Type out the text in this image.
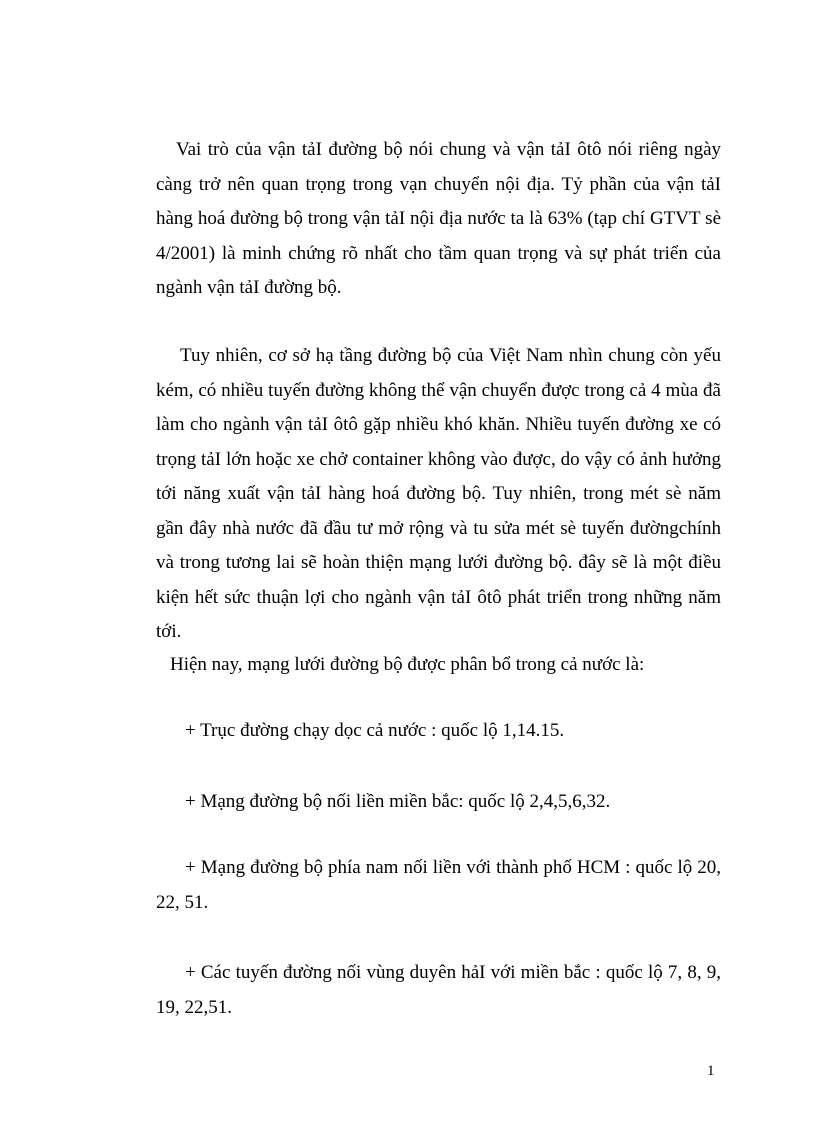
Vai trò của vận tảI đường bộ nói chung và vận tảI ôtô nói riêng ngày càng trở nên quan trọng trong vạn chuyển nội địa. Tỷ phần của vận tảI hàng hoá đường bộ trong vận tảI nội địa nước ta là 63% (tạp chí GTVT sè 4/2001) là minh chứng rõ nhất cho tầm quan trọng và sự phát triển của ngành vận tảI đường bộ.

Tuy nhiên, cơ sở hạ tầng đường bộ của Việt Nam nhìn chung còn yếu kém, có nhiều tuyến đường không thể vận chuyển được trong cả 4 mùa đã làm cho ngành vận tảI ôtô gặp nhiều khó khăn. Nhiều tuyến đường xe có trọng tảI lớn hoặc xe chở container không vào được, do vậy có ảnh hưởng tới năng xuất vận tảI hàng hoá đường bộ. Tuy nhiên, trong mét sè năm gần đây nhà nước đã đầu tư mở rộng và tu sửa mét sè tuyến đườngchính và trong tương lai sẽ hoàn thiện mạng lưới đường bộ. đây sẽ là một điều kiện hết sức thuận lợi cho ngành vận tảI ôtô phát triển trong những năm tới.

Hiện nay, mạng lưới đường bộ được phân bổ trong cả nước là:

+ Trục đường chạy dọc cả nước : quốc lộ 1,14.15.

+ Mạng đường bộ nối liền miền bắc: quốc lộ 2,4,5,6,32.

+ Mạng đường bộ phía nam nối liền với thành phố HCM : quốc lộ 20, 22, 51.

+ Các tuyến đường nối vùng duyên hảI với miền bắc : quốc lộ 7, 8, 9, 19, 22,51.

1
